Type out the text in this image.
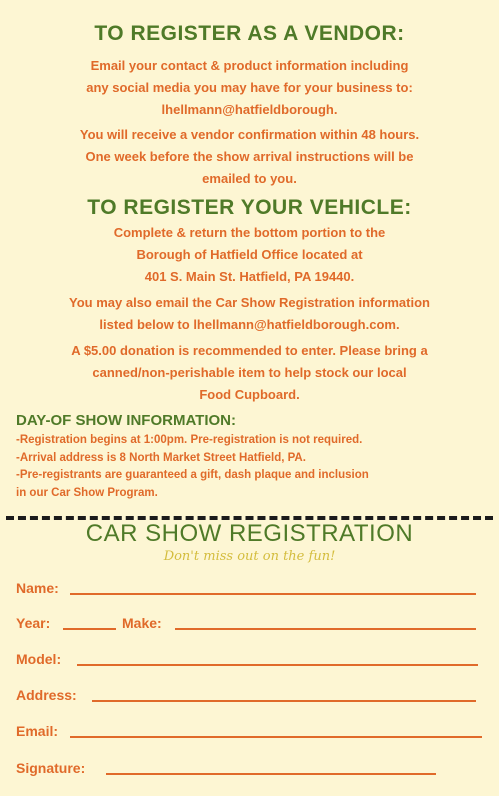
TO REGISTER AS A VENDOR:
Email your contact & product information including
any social media you may have for your business to:
lhellmann@hatfieldborough.
You will receive a vendor confirmation within 48 hours.
One week before the show arrival instructions will be
emailed to you.
TO REGISTER YOUR VEHICLE:
Complete & return the bottom portion to the
Borough of Hatfield Office located at
401 S. Main St. Hatfield, PA 19440.
You may also email the Car Show Registration information
listed below to lhellmann@hatfieldborough.com.
A $5.00 donation is recommended to enter. Please bring a
canned/non-perishable item to help stock our local
Food Cupboard.
DAY-OF SHOW INFORMATION:
-Registration begins at 1:00pm. Pre-registration is not required.
-Arrival address is 8 North Market Street Hatfield, PA.
-Pre-registrants are guaranteed a gift, dash plaque and inclusion
in our Car Show Program.
CAR SHOW REGISTRATION
Don't miss out on the fun!
Name:
Year:	Make:
Model:
Address:
Email:
Signature:
